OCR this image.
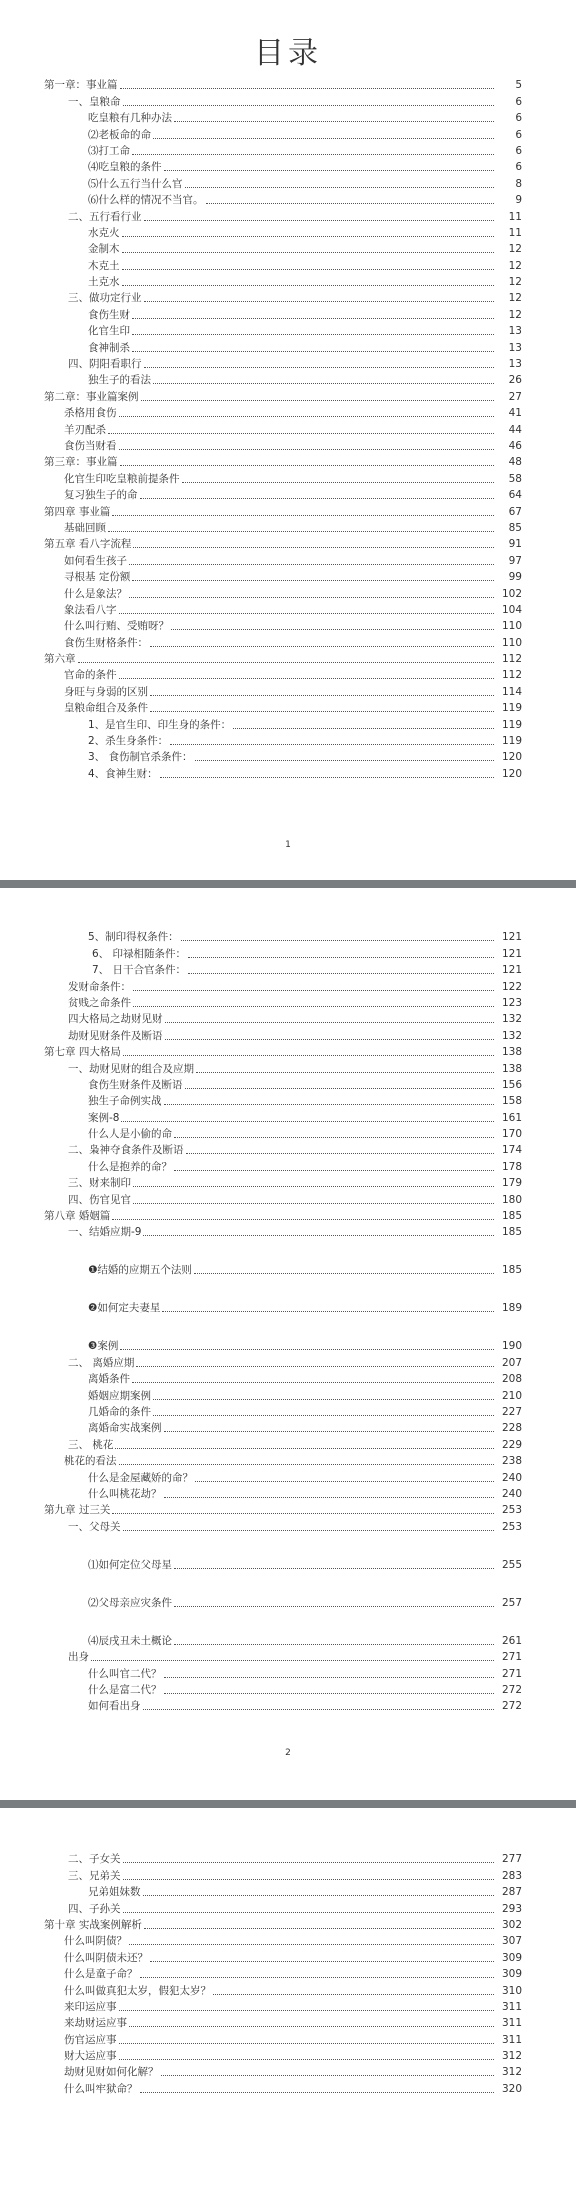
目录
第一章：事业篇	5
一、皇粮命	6
吃皇粮有几种办法	6
⑵老板命的命	6
⑶打工命	6
⑷吃皇粮的条件	6
⑸什么五行当什么官	8
⑹什么样的情况不当官。	9
二、五行看行业	11
水克火	11
金制木	12
木克土	12
土克水	12
三、做功定行业	12
食伤生财	12
化官生印	13
食神制杀	13
四、阴阳看职行	13
独生子的看法	26
第二章：事业篇案例	27
杀格用食伤	41
羊刃配杀	44
食伤当财看	46
第三章：事业篇	48
化官生印吃皇粮前提条件	58
复习独生子的命	64
第四章 事业篇	67
基础回顾	85
第五章 看八字流程	91
如何看生孩子	97
寻根基 定份额	99
什么是象法？	102
象法看八字	104
什么叫行贿、受贿呀？	110
食伤生财格条件：	110
第六章	112
官命的条件	112
身旺与身弱的区别	114
皇粮命组合及条件	119
1、是官生印、印生身的条件：	119
2、杀生身条件：	119
3、 食伤制官杀条件：	120
4、食神生财：	120
1
5、制印得权条件：	121
6、 印禄相随条件：	121
7、 日干合官条件：	121
发财命条件：	122
贫贱之命条件	123
四大格局之劫财见财	132
劫财见财条件及断语	132
第七章 四大格局	138
一、劫财见财的组合及应期	138
食伤生财条件及断语	156
独生子命例实战	158
案例-8	161
什么人是小偷的命	170
二、枭神夺食条件及断语	174
什么是抱养的命？	178
三、财来制印	179
四、伤官见官	180
第八章 婚姻篇	185
一、结婚应期-9	185
❶结婚的应期五个法则	185
❷如何定夫妻星	189
❸案例	190
二、 离婚应期	207
离婚条件	208
婚姻应期案例	210
几婚命的条件	227
离婚命实战案例	228
三、 桃花	229
桃花的看法	238
什么是金屋藏娇的命？	240
什么叫桃花劫？	240
第九章 过三关	253
一、父母关	253
⑴如何定位父母星	255
⑵父母亲应灾条件	257
⑷辰戌丑未土概论	261
出身	271
什么叫官二代？	271
什么是富二代？	272
如何看出身	272
2
二、子女关	277
三、兄弟关	283
兄弟姐妹数	287
四、子孙关	293
第十章 实战案例解析	302
什么叫阴债？	307
什么叫阴债未还？	309
什么是童子命？	309
什么叫做真犯太岁，假犯太岁？	310
来印运应事	311
来劫财运应事	311
伤官运应事	311
财大运应事	312
劫财见财如何化解？	312
什么叫牢狱命？	320
